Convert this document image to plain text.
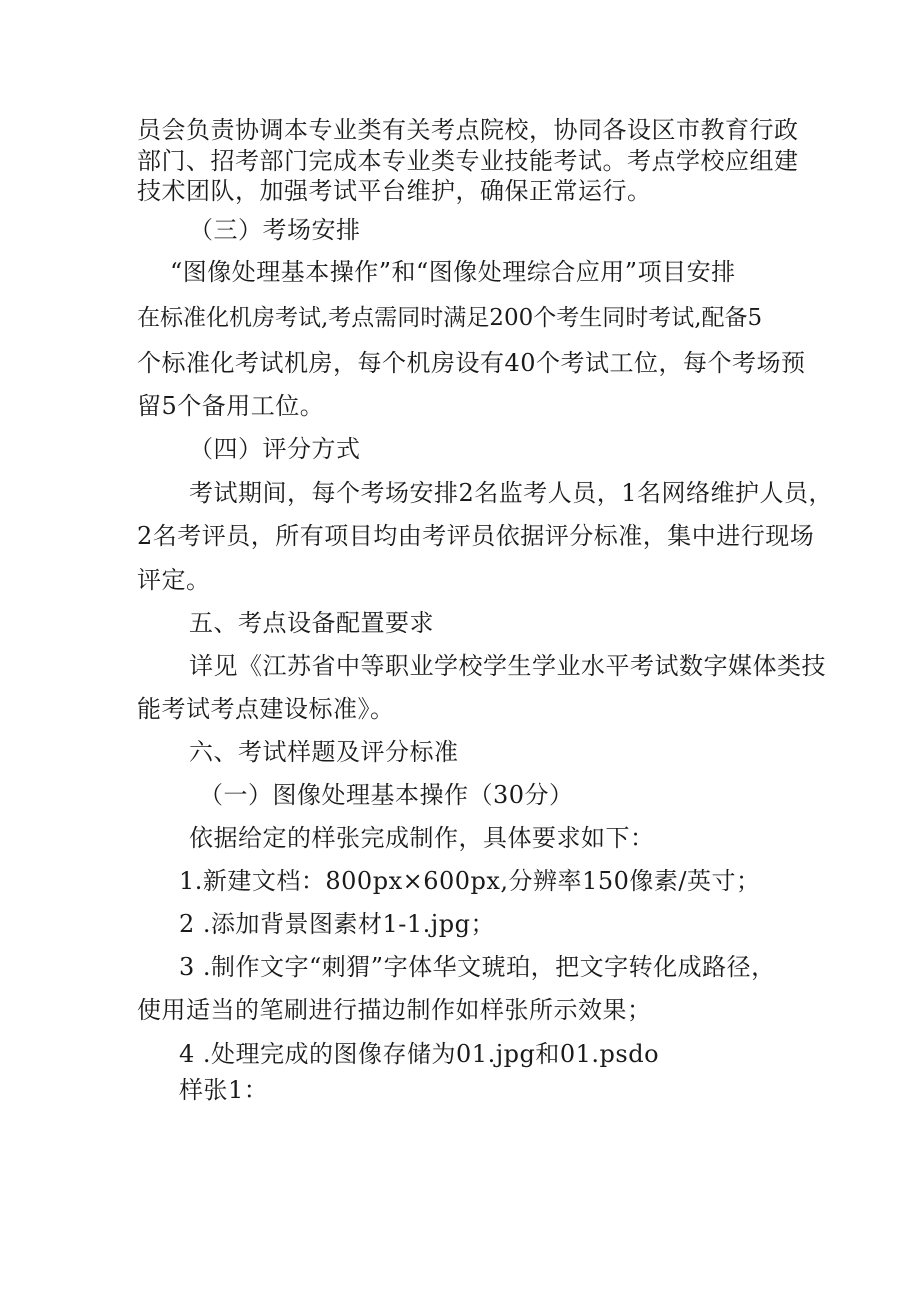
员会负责协调本专业类有关考点院校，协同各设区市教育行政
部门、招考部门完成本专业类专业技能考试。考点学校应组建
技术团队，加强考试平台维护，确保正常运行。
（三）考场安排
“图像处理基本操作”和“图像处理综合应用”项目安排
在标准化机房考试,考点需同时满足200个考生同时考试,配备5
个标准化考试机房，每个机房设有40个考试工位，每个考场预
留5个备用工位。
（四）评分方式
考试期间，每个考场安排2名监考人员，1名网络维护人员，
2名考评员，所有项目均由考评员依据评分标准，集中进行现场
评定。
五、考点设备配置要求
详见《江苏省中等职业学校学生学业水平考试数字媒体类技
能考试考点建设标准》。
六、考试样题及评分标准
（一）图像处理基本操作（30分）
依据给定的样张完成制作，具体要求如下：
1.新建文档：800px×600px,分辨率150像素/英寸；
2 .添加背景图素材1-1.jpg；
3 .制作文字“刺猬”字体华文琥珀，把文字转化成路径，
使用适当的笔刷进行描边制作如样张所示效果；
4 .处理完成的图像存储为01.jpg和01.psdo
样张1：
